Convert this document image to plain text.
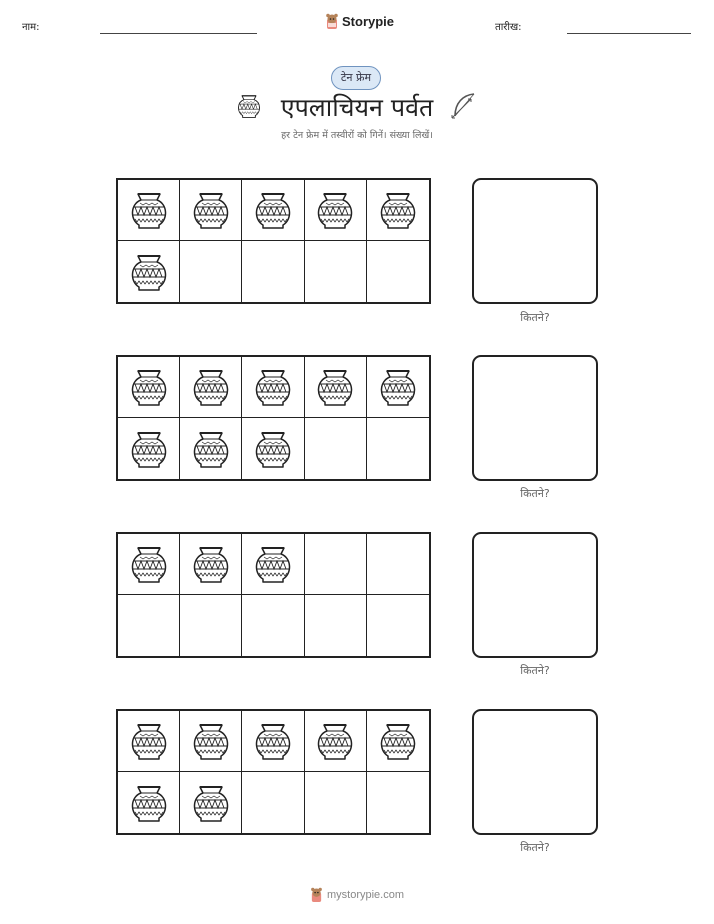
नाम:	Storypie	तारीख:
टेन फ्रेम
एपलाचियन पर्वत
हर टेन फ्रेम में तस्वीरों को गिनें। संख्या लिखें।
कितने?
कितने?
कितने?
कितने?
mystorypie.com
